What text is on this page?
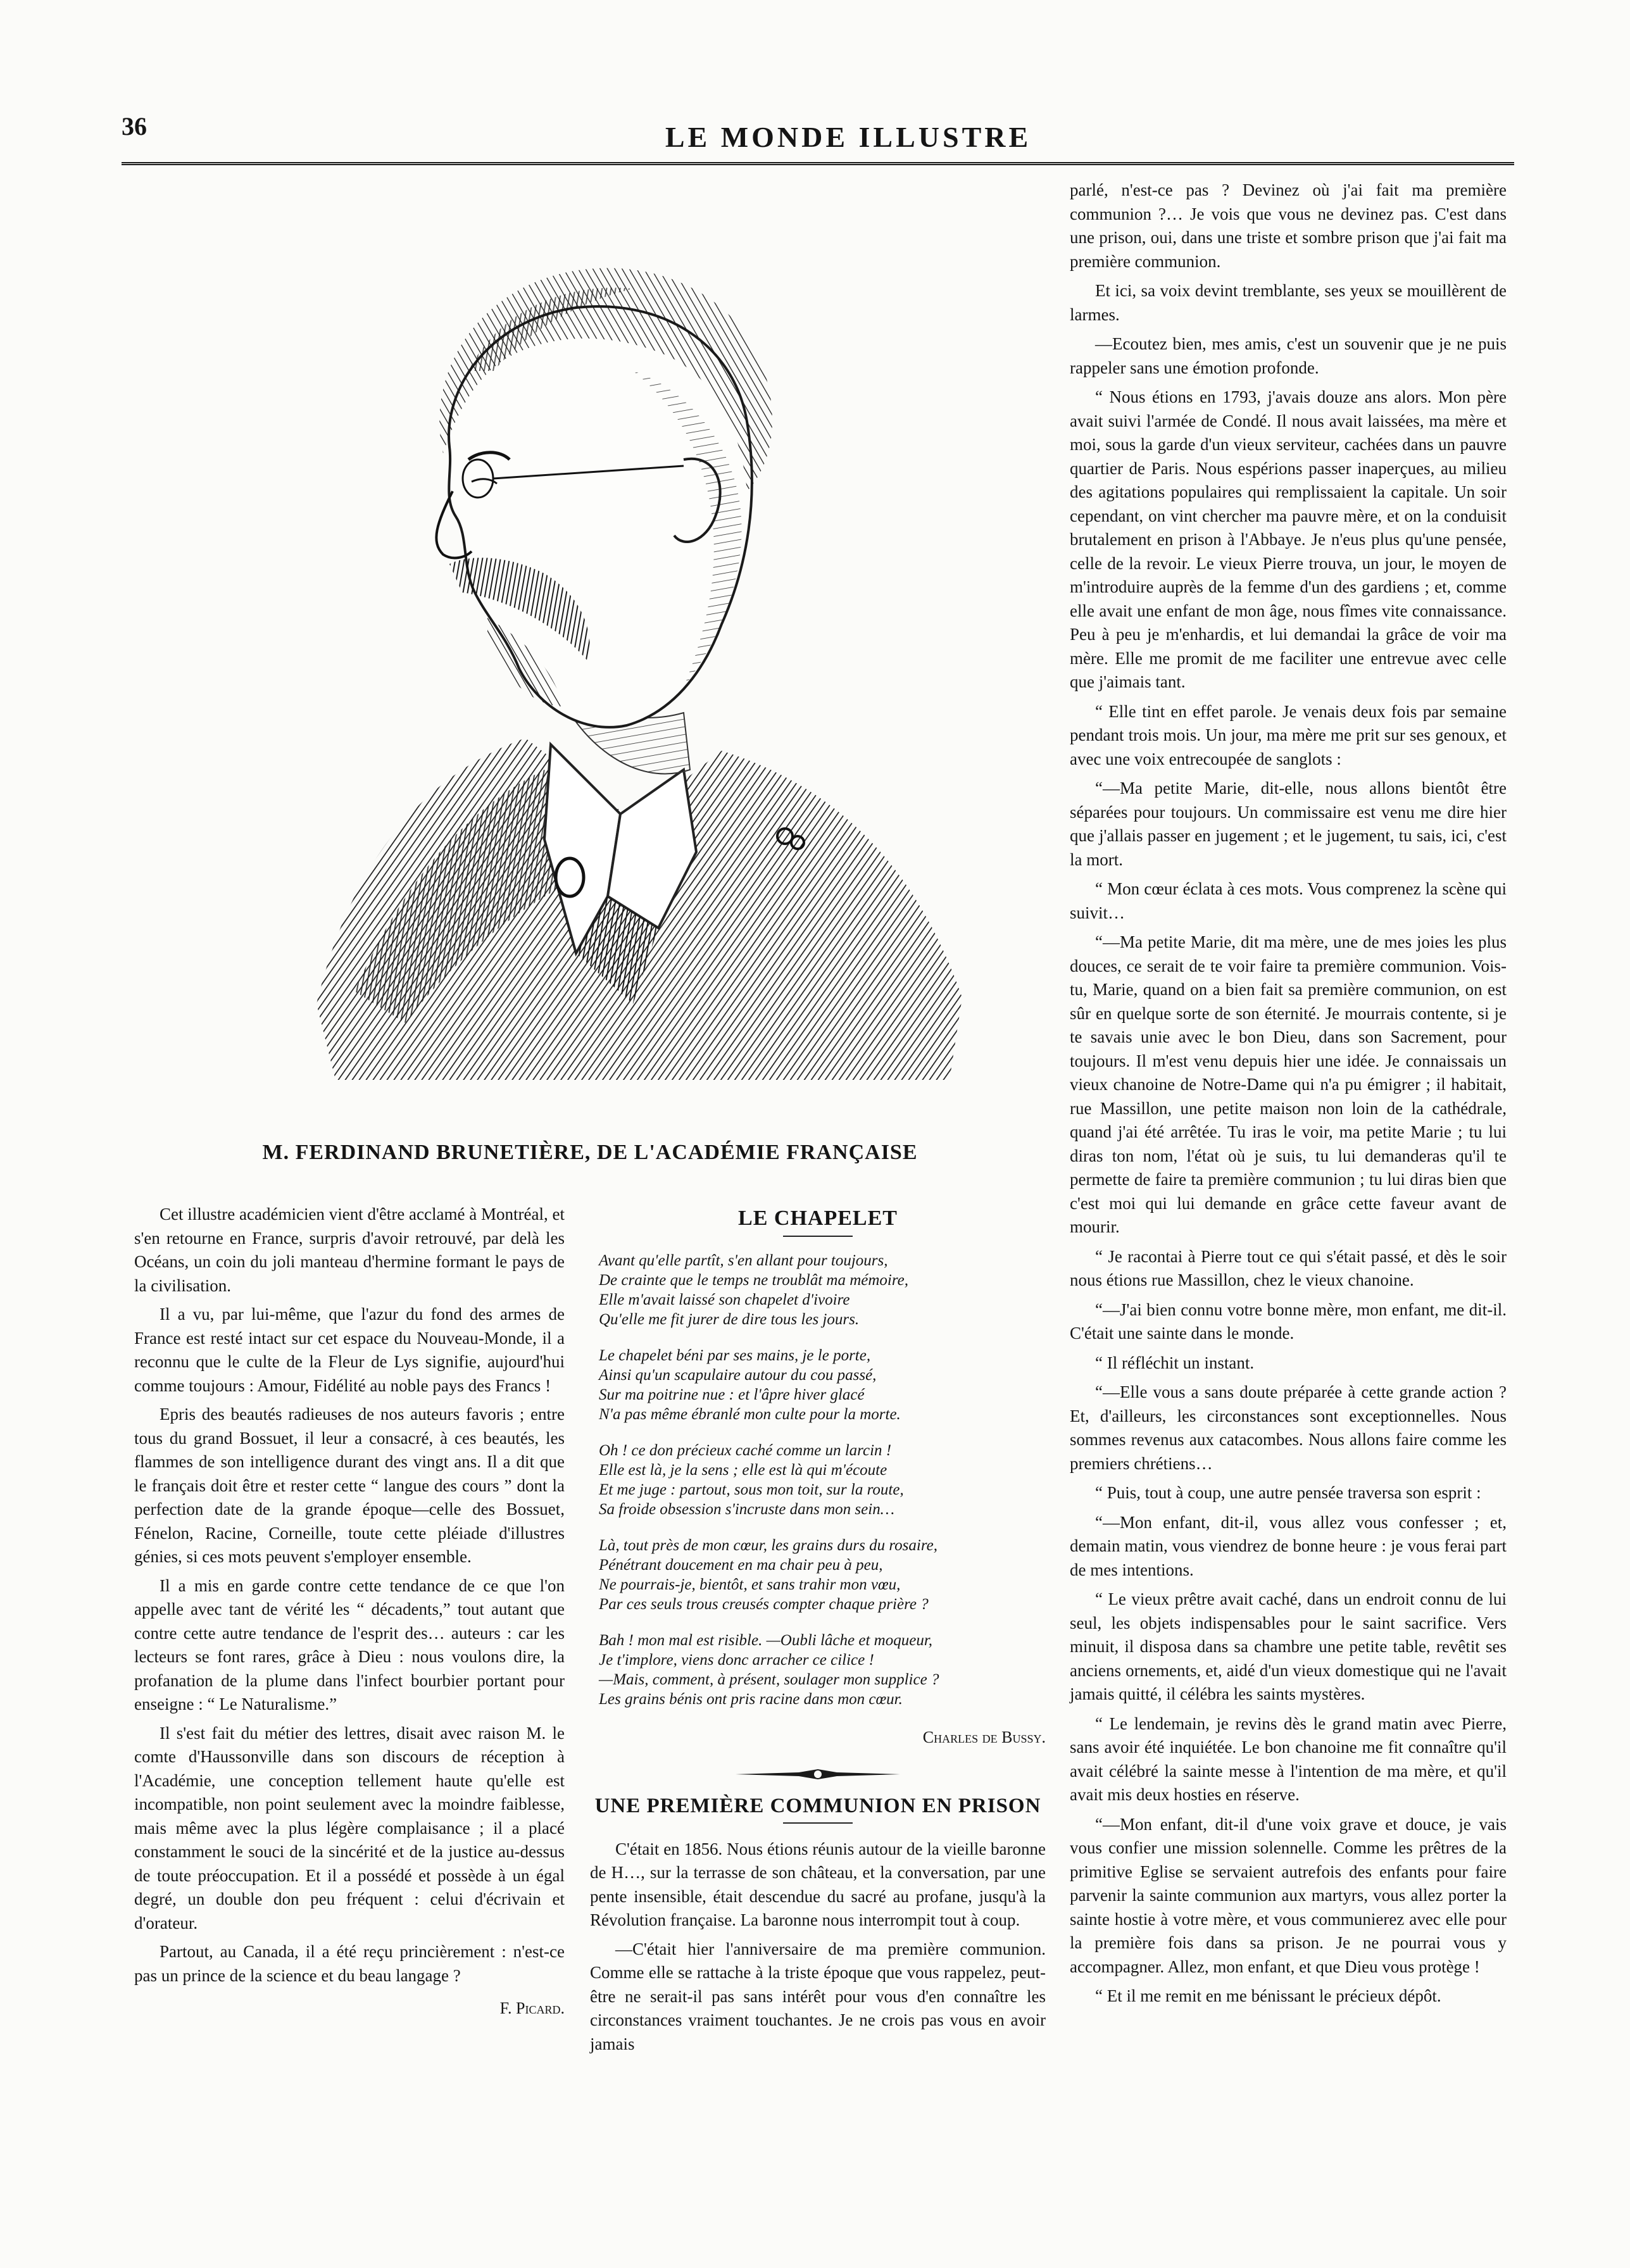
36	LE MONDE ILLUSTRE
M. FERDINAND BRUNETIÈRE, DE L'ACADÉMIE FRANÇAISE

Cet illustre académicien vient d'être acclamé à Montréal, et s'en retourne en France, surpris d'avoir retrouvé, par delà les Océans, un coin du joli manteau d'hermine formant le pays de la civilisation.

Il a vu, par lui-même, que l'azur du fond des armes de France est resté intact sur cet espace du Nouveau-Monde, il a reconnu que le culte de la Fleur de Lys signifie, aujourd'hui comme toujours : Amour, Fidélité au noble pays des Francs !

Epris des beautés radieuses de nos auteurs favoris ; entre tous du grand Bossuet, il leur a consacré, à ces beautés, les flammes de son intelligence durant des vingt ans. Il a dit que le français doit être et rester cette “ langue des cours ” dont la perfection date de la grande époque—celle des Bossuet, Fénelon, Racine, Corneille, toute cette pléiade d'illustres génies, si ces mots peuvent s'employer ensemble.

Il a mis en garde contre cette tendance de ce que l'on appelle avec tant de vérité les “ décadents,” tout autant que contre cette autre tendance de l'esprit des… auteurs : car les lecteurs se font rares, grâce à Dieu : nous voulons dire, la profanation de la plume dans l'infect bourbier portant pour enseigne : “ Le Naturalisme.”

Il s'est fait du métier des lettres, disait avec raison M. le comte d'Haussonville dans son discours de réception à l'Académie, une conception tellement haute qu'elle est incompatible, non point seulement avec la moindre faiblesse, mais même avec la plus légère complaisance ; il a placé constamment le souci de la sincérité et de la justice au-dessus de toute préoccupation. Et il a possédé et possède à un égal degré, un double don peu fréquent : celui d'écrivain et d'orateur.

Partout, au Canada, il a été reçu princièrement : n'est-ce pas un prince de la science et du beau langage ?

F. Picard.
LE CHAPELET
Avant qu'elle partît, s'en allant pour toujours,
De crainte que le temps ne troublât ma mémoire,
Elle m'avait laissé son chapelet d'ivoire
Qu'elle me fit jurer de dire tous les jours.
Le chapelet béni par ses mains, je le porte,
Ainsi qu'un scapulaire autour du cou passé,
Sur ma poitrine nue : et l'âpre hiver glacé
N'a pas même ébranlé mon culte pour la morte.
Oh ! ce don précieux caché comme un larcin !
Elle est là, je la sens ; elle est là qui m'écoute
Et me juge : partout, sous mon toit, sur la route,
Sa froide obsession s'incruste dans mon sein…
Là, tout près de mon cœur, les grains durs du rosaire,
Pénétrant doucement en ma chair peu à peu,
Ne pourrais-je, bientôt, et sans trahir mon vœu,
Par ces seuls trous creusés compter chaque prière ?
Bah ! mon mal est risible. —Oubli lâche et moqueur,
Je t'implore, viens donc arracher ce cilice !
—Mais, comment, à présent, soulager mon supplice ?
Les grains bénis ont pris racine dans mon cœur.
Charles de Bussy.
UNE PREMIÈRE COMMUNION EN PRISON

C'était en 1856. Nous étions réunis autour de la vieille baronne de H…, sur la terrasse de son château, et la conversation, par une pente insensible, était descendue du sacré au profane, jusqu'à la Révolution française. La baronne nous interrompit tout à coup.

—C'était hier l'anniversaire de ma première communion. Comme elle se rattache à la triste époque que vous rappelez, peut-être ne serait-il pas sans intérêt pour vous d'en connaître les circonstances vraiment touchantes. Je ne crois pas vous en avoir jamais

parlé, n'est-ce pas ? Devinez où j'ai fait ma première communion ?… Je vois que vous ne devinez pas. C'est dans une prison, oui, dans une triste et sombre prison que j'ai fait ma première communion.

Et ici, sa voix devint tremblante, ses yeux se mouillèrent de larmes.

—Ecoutez bien, mes amis, c'est un souvenir que je ne puis rappeler sans une émotion profonde.

“ Nous étions en 1793, j'avais douze ans alors. Mon père avait suivi l'armée de Condé. Il nous avait laissées, ma mère et moi, sous la garde d'un vieux serviteur, cachées dans un pauvre quartier de Paris. Nous espérions passer inaperçues, au milieu des agitations populaires qui remplissaient la capitale. Un soir cependant, on vint chercher ma pauvre mère, et on la conduisit brutalement en prison à l'Abbaye. Je n'eus plus qu'une pensée, celle de la revoir. Le vieux Pierre trouva, un jour, le moyen de m'introduire auprès de la femme d'un des gardiens ; et, comme elle avait une enfant de mon âge, nous fîmes vite connaissance. Peu à peu je m'enhardis, et lui demandai la grâce de voir ma mère. Elle me promit de me faciliter une entrevue avec celle que j'aimais tant.

“ Elle tint en effet parole. Je venais deux fois par semaine pendant trois mois. Un jour, ma mère me prit sur ses genoux, et avec une voix entrecoupée de sanglots :

“—Ma petite Marie, dit-elle, nous allons bientôt être séparées pour toujours. Un commissaire est venu me dire hier que j'allais passer en jugement ; et le jugement, tu sais, ici, c'est la mort.

“ Mon cœur éclata à ces mots. Vous comprenez la scène qui suivit…

“—Ma petite Marie, dit ma mère, une de mes joies les plus douces, ce serait de te voir faire ta première communion. Vois-tu, Marie, quand on a bien fait sa première communion, on est sûr en quelque sorte de son éternité. Je mourrais contente, si je te savais unie avec le bon Dieu, dans son Sacrement, pour toujours. Il m'est venu depuis hier une idée. Je connaissais un vieux chanoine de Notre-Dame qui n'a pu émigrer ; il habitait, rue Massillon, une petite maison non loin de la cathédrale, quand j'ai été arrêtée. Tu iras le voir, ma petite Marie ; tu lui diras ton nom, l'état où je suis, tu lui demanderas qu'il te permette de faire ta première communion ; tu lui diras bien que c'est moi qui lui demande en grâce cette faveur avant de mourir.

“ Je racontai à Pierre tout ce qui s'était passé, et dès le soir nous étions rue Massillon, chez le vieux chanoine.

“—J'ai bien connu votre bonne mère, mon enfant, me dit-il. C'était une sainte dans le monde.

“ Il réfléchit un instant.

“—Elle vous a sans doute préparée à cette grande action ? Et, d'ailleurs, les circonstances sont exceptionnelles. Nous sommes revenus aux catacombes. Nous allons faire comme les premiers chrétiens…

“ Puis, tout à coup, une autre pensée traversa son esprit :

“—Mon enfant, dit-il, vous allez vous confesser ; et, demain matin, vous viendrez de bonne heure : je vous ferai part de mes intentions.

“ Le vieux prêtre avait caché, dans un endroit connu de lui seul, les objets indispensables pour le saint sacrifice. Vers minuit, il disposa dans sa chambre une petite table, revêtit ses anciens ornements, et, aidé d'un vieux domestique qui ne l'avait jamais quitté, il célébra les saints mystères.

“ Le lendemain, je revins dès le grand matin avec Pierre, sans avoir été inquiétée. Le bon chanoine me fit connaître qu'il avait célébré la sainte messe à l'intention de ma mère, et qu'il avait mis deux hosties en réserve.

“—Mon enfant, dit-il d'une voix grave et douce, je vais vous confier une mission solennelle. Comme les prêtres de la primitive Eglise se servaient autrefois des enfants pour faire parvenir la sainte communion aux martyrs, vous allez porter la sainte hostie à votre mère, et vous communierez avec elle pour la première fois dans sa prison. Je ne pourrai vous y accompagner. Allez, mon enfant, et que Dieu vous protège !

“ Et il me remit en me bénissant le précieux dépôt.
